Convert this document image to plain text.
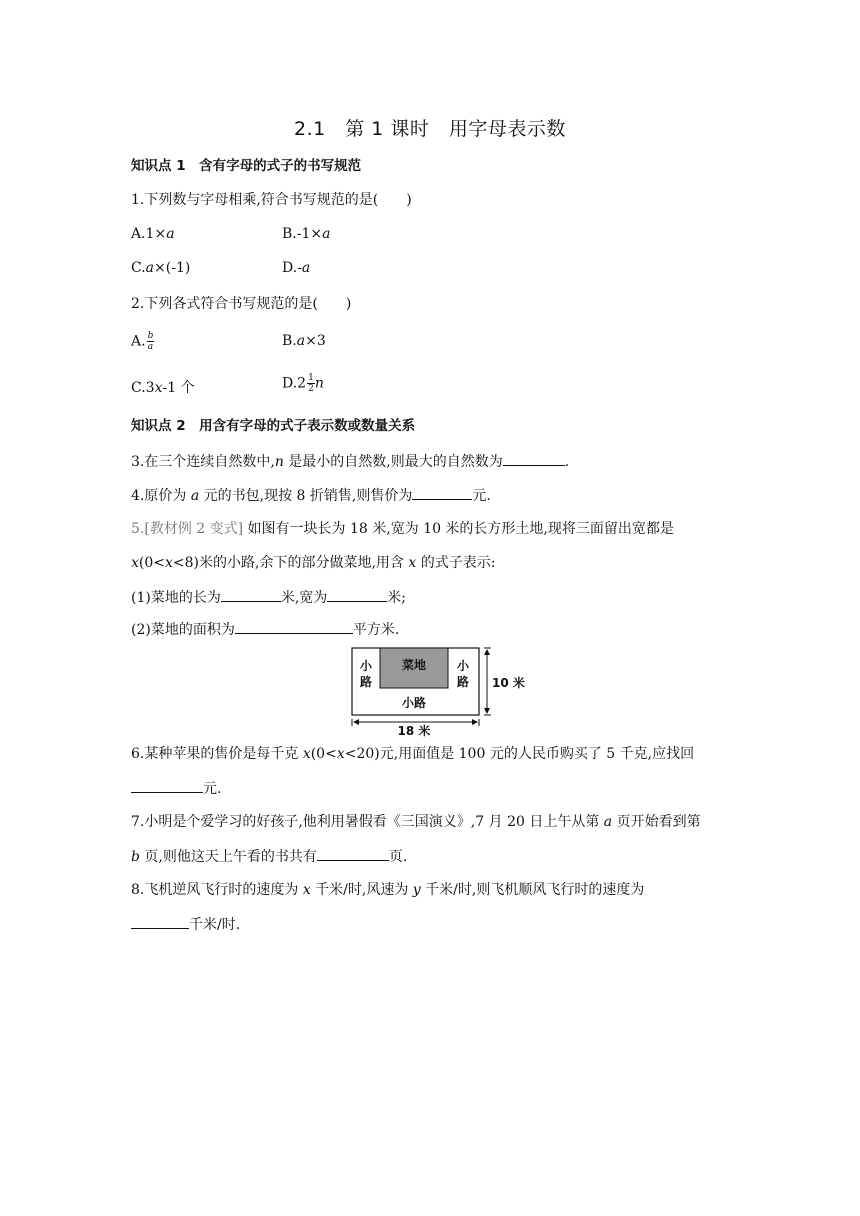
2.1　第 1 课时　用字母表示数
知识点 1　含有字母的式子的书写规范
1.下列数与字母相乘,符合书写规范的是(　　)
A.1×a	B.-1×a
C.a×(-1)	D.-a
2.下列各式符合书写规范的是(　　)
A. $\frac{b}{a}$	B.a×3
C.3x-1 个	$D.2 \frac{1}{2}$ n
知识点 2　用含有字母的式子表示数或数量关系
3.在三个连续自然数中,n 是最小的自然数,则最大的自然数为	.
4.原价为 a 元的书包,现按 8 折销售,则售价为	元.
5.[教材例 2 变式] 如图有一块长为 18 米,宽为 10 米的长方形土地,现将三面留出宽都是
x(0<x<8)米的小路,余下的部分做菜地,用含 x 的式子表示:
(1)菜地的长为	米,宽为	米;
(2)菜地的面积为	平方米.
菜地
小
路
小
路
小路
10 米
18 米
6.某种苹果的售价是每千克 x(0<x<20)元,用面值是 100 元的人民币购买了 5 千克,应找回
元.
7.小明是个爱学习的好孩子,他利用暑假看《三国演义》,7 月 20 日上午从第 a 页开始看到第
b 页,则他这天上午看的书共有	页.
8.飞机逆风飞行时的速度为 x 千米/时,风速为 y 千米/时,则飞机顺风飞行时的速度为
千米/时.
